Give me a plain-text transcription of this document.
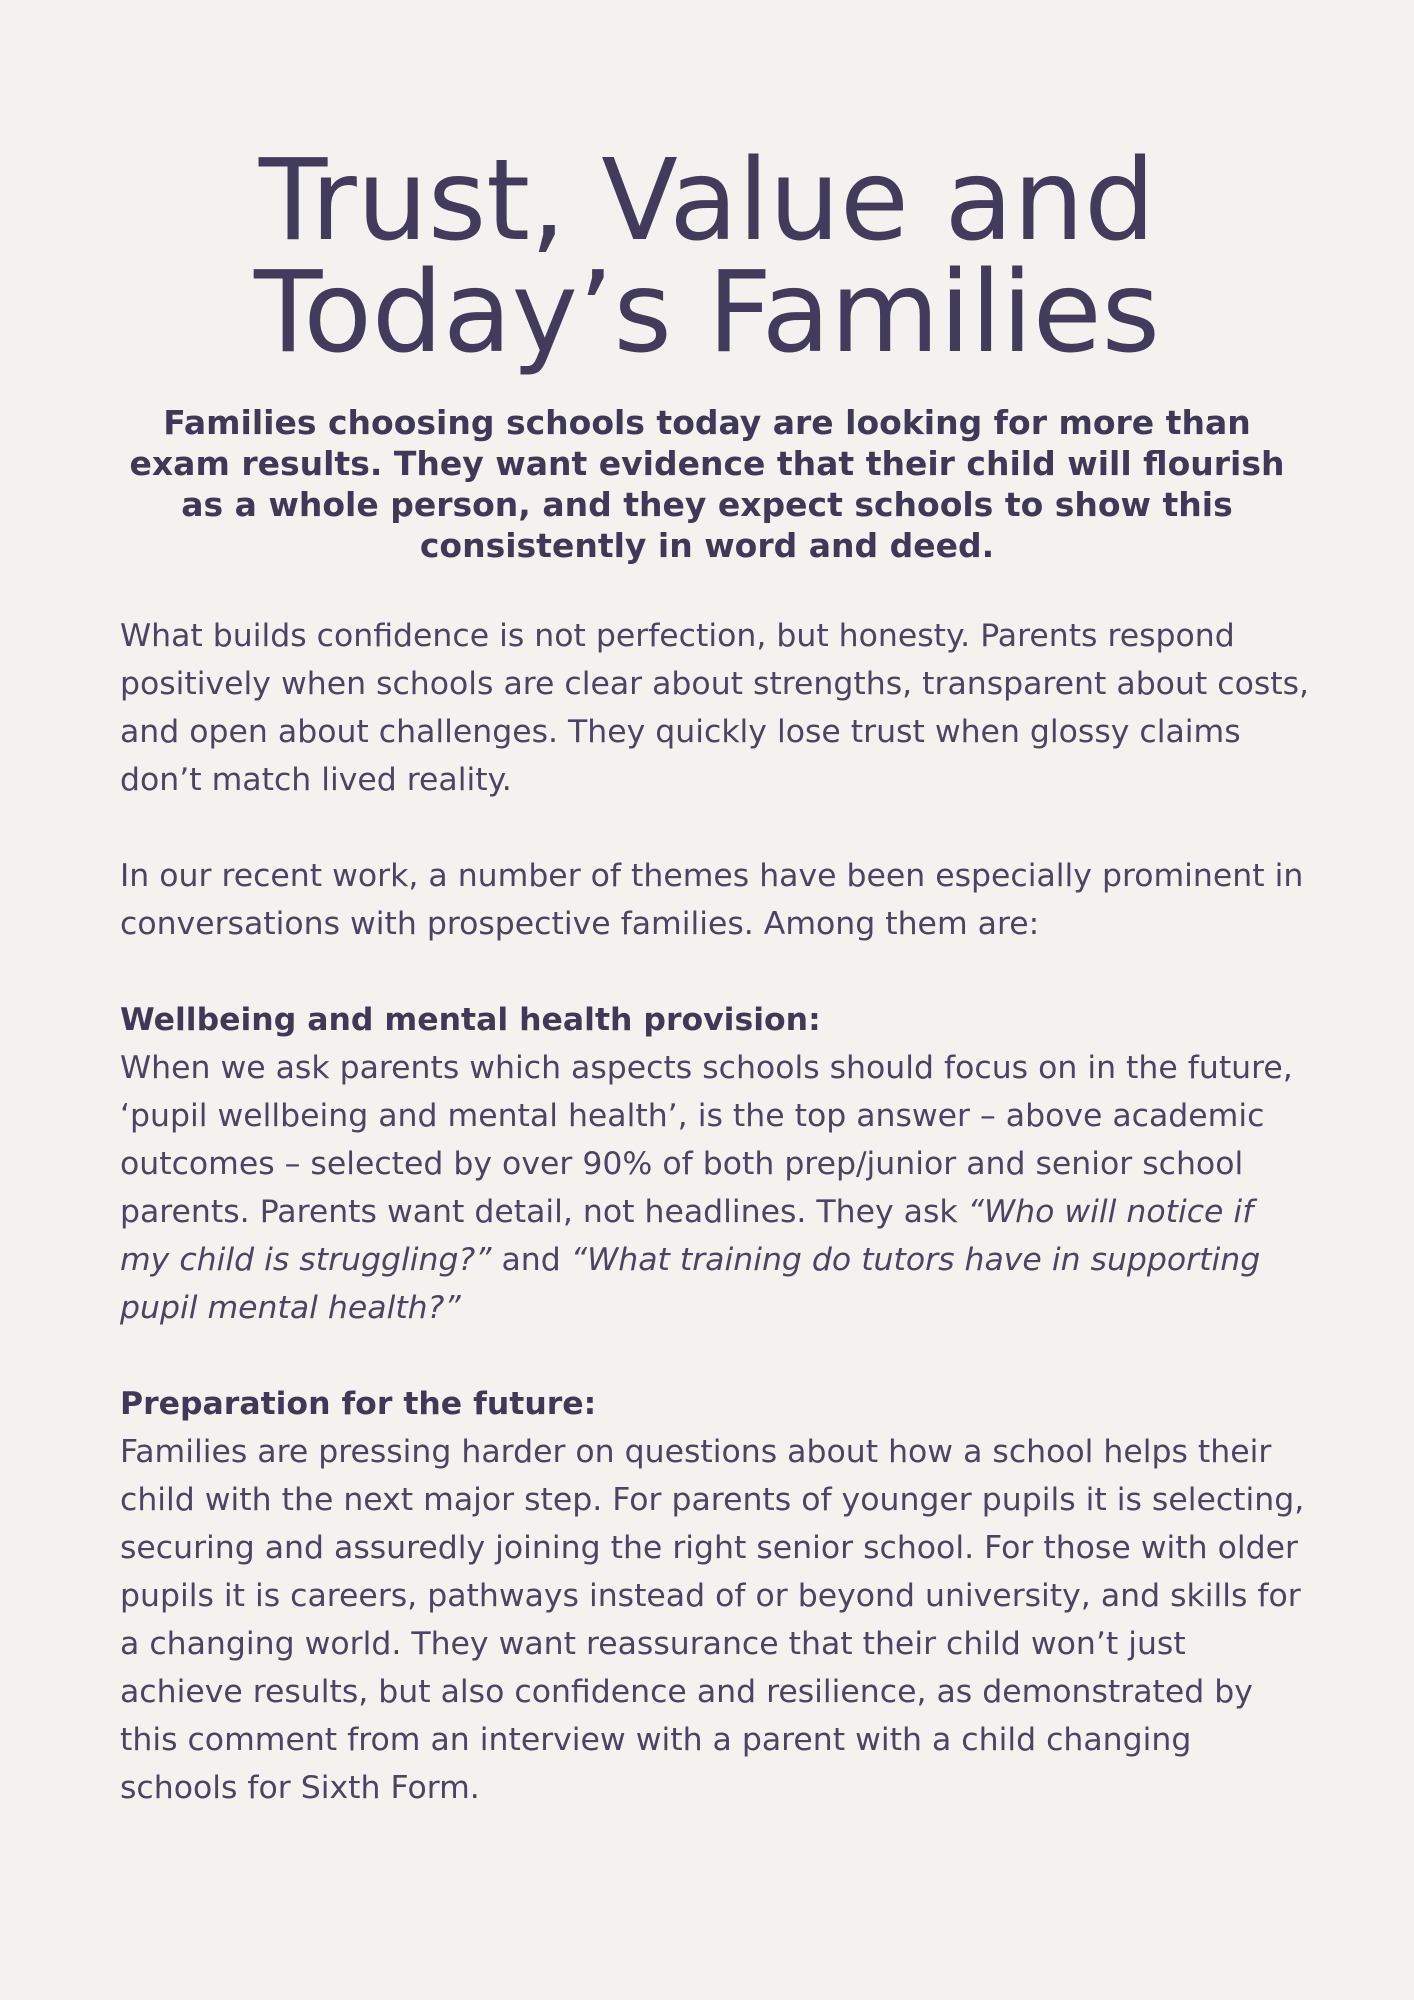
Trust, Value and
Today’s Families

Families choosing schools today are looking for more than exam results. They want evidence that their child will flourish as a whole person, and they expect schools to show this consistently in word and deed.

What builds confidence is not perfection, but honesty. Parents respond positively when schools are clear about strengths, transparent about costs, and open about challenges. They quickly lose trust when glossy claims don’t match lived reality.

In our recent work, a number of themes have been especially prominent in conversations with prospective families. Among them are:

Wellbeing and mental health provision:

When we ask parents which aspects schools should focus on in the future, ‘pupil wellbeing and mental health’, is the top answer – above academic outcomes – selected by over 90% of both prep/junior and senior school parents. Parents want detail, not headlines. They ask “Who will notice if my child is struggling?” and “What training do tutors have in supporting pupil mental health?”

Preparation for the future:

Families are pressing harder on questions about how a school helps their child with the next major step. For parents of younger pupils it is selecting, securing and assuredly joining the right senior school. For those with older pupils it is careers, pathways instead of or beyond university, and skills for a changing world. They want reassurance that their child won’t just achieve results, but also confidence and resilience, as demonstrated by this comment from an interview with a parent with a child changing schools for Sixth Form.
